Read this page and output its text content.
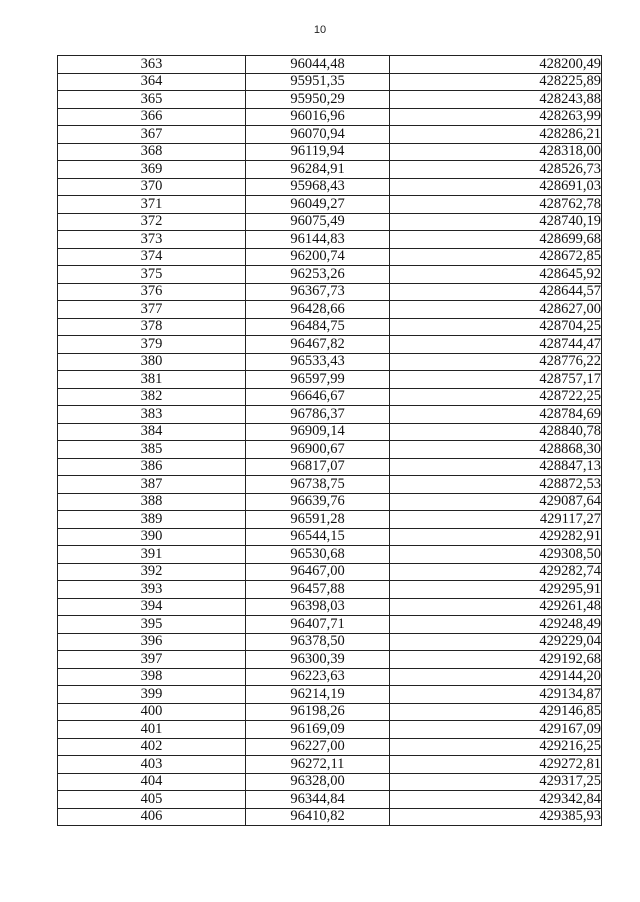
10
363	96044,48	428200,49
364	95951,35	428225,89
365	95950,29	428243,88
366	96016,96	428263,99
367	96070,94	428286,21
368	96119,94	428318,00
369	96284,91	428526,73
370	95968,43	428691,03
371	96049,27	428762,78
372	96075,49	428740,19
373	96144,83	428699,68
374	96200,74	428672,85
375	96253,26	428645,92
376	96367,73	428644,57
377	96428,66	428627,00
378	96484,75	428704,25
379	96467,82	428744,47
380	96533,43	428776,22
381	96597,99	428757,17
382	96646,67	428722,25
383	96786,37	428784,69
384	96909,14	428840,78
385	96900,67	428868,30
386	96817,07	428847,13
387	96738,75	428872,53
388	96639,76	429087,64
389	96591,28	429117,27
390	96544,15	429282,91
391	96530,68	429308,50
392	96467,00	429282,74
393	96457,88	429295,91
394	96398,03	429261,48
395	96407,71	429248,49
396	96378,50	429229,04
397	96300,39	429192,68
398	96223,63	429144,20
399	96214,19	429134,87
400	96198,26	429146,85
401	96169,09	429167,09
402	96227,00	429216,25
403	96272,11	429272,81
404	96328,00	429317,25
405	96344,84	429342,84
406	96410,82	429385,93
